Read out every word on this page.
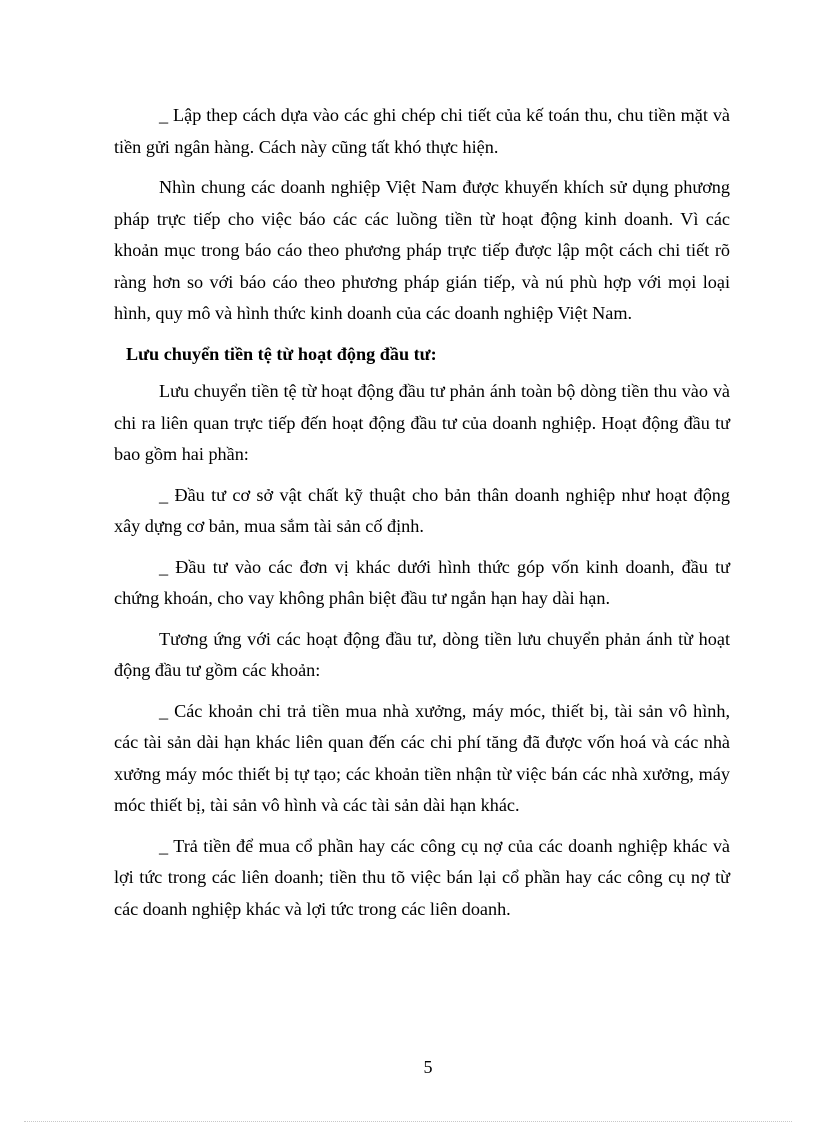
_ Lập thep cách dựa vào các ghi chép chi tiết của kế toán thu, chu tiền mặt và tiền gửi ngân hàng. Cách này cũng tất khó thực hiện.

Nhìn chung các doanh nghiệp Việt Nam được khuyến khích sử dụng phương pháp trực tiếp cho việc báo các các luồng tiền từ hoạt động kinh doanh. Vì các khoản mục trong báo cáo theo phương pháp trực tiếp được lập một cách chi tiết rõ ràng hơn so với báo cáo theo phương pháp gián tiếp, và nú phù hợp với mọi loại hình, quy mô và hình thức kinh doanh của các doanh nghiệp Việt Nam.

Lưu chuyển tiền tệ từ hoạt động đầu tư:

Lưu chuyển tiền tệ từ hoạt động đầu tư phản ánh toàn bộ dòng tiền thu vào và chi ra liên quan trực tiếp đến hoạt động đầu tư của doanh nghiệp. Hoạt động đầu tư bao gồm hai phần:

_ Đầu tư cơ sở vật chất kỹ thuật cho bản thân doanh nghiệp như hoạt động xây dựng cơ bản, mua sắm tài sản cố định.

_ Đầu tư vào các đơn vị khác dưới hình thức góp vốn kinh doanh, đầu tư chứng khoán, cho vay không phân biệt đầu tư ngắn hạn hay dài hạn.

Tương ứng với các hoạt động đầu tư, dòng tiền lưu chuyển phản ánh từ hoạt động đầu tư gồm các khoản:

_ Các khoản chi trả tiền mua nhà xưởng, máy móc, thiết bị, tài sản vô hình, các tài sản dài hạn khác liên quan đến các chi phí tăng đã được vốn hoá và các nhà xưởng máy móc thiết bị tự tạo; các khoản tiền nhận từ việc bán các nhà xưởng, máy móc thiết bị, tài sản vô hình và các tài sản dài hạn khác.

_ Trả tiền để mua cổ phần hay các công cụ nợ của các doanh nghiệp khác và lợi tức trong các liên doanh; tiền thu tõ việc bán lại cổ phần hay các công cụ nợ từ các doanh nghiệp khác và lợi tức trong các liên doanh.

5
